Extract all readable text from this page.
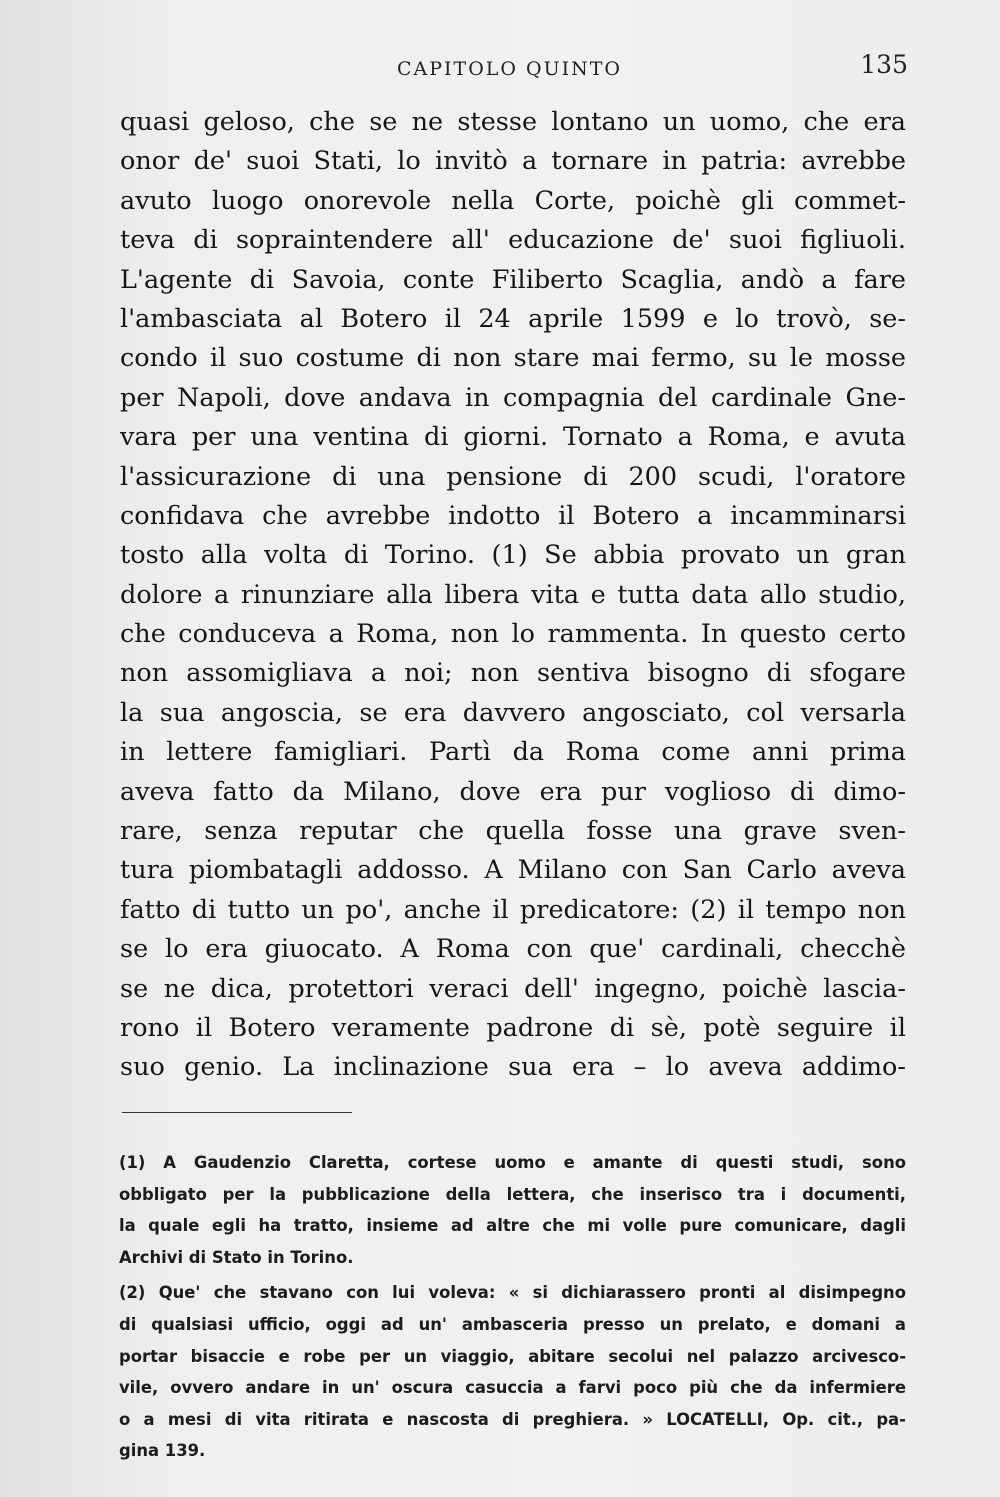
CAPITOLO QUINTO	135
quasi geloso, che se ne stesse lontano un uomo, che era
onor de' suoi Stati, lo invitò a tornare in patria: avrebbe
avuto luogo onorevole nella Corte, poichè gli commet-
teva di sopraintendere all' educazione de' suoi figliuoli.
L'agente di Savoia, conte Filiberto Scaglia, andò a fare
l'ambasciata al Botero il 24 aprile 1599 e lo trovò, se-
condo il suo costume di non stare mai fermo, su le mosse
per Napoli, dove andava in compagnia del cardinale Gne-
vara per una ventina di giorni. Tornato a Roma, e avuta
l'assicurazione di una pensione di 200 scudi, l'oratore
confidava che avrebbe indotto il Botero a incamminarsi
tosto alla volta di Torino. (1) Se abbia provato un gran
dolore a rinunziare alla libera vita e tutta data allo studio,
che conduceva a Roma, non lo rammenta. In questo certo
non assomigliava a noi; non sentiva bisogno di sfogare
la sua angoscia, se era davvero angosciato, col versarla
in lettere famigliari. Partì da Roma come anni prima
aveva fatto da Milano, dove era pur voglioso di dimo-
rare, senza reputar che quella fosse una grave sven-
tura piombatagli addosso. A Milano con San Carlo aveva
fatto di tutto un po', anche il predicatore: (2) il tempo non
se lo era giuocato. A Roma con que' cardinali, checchè
se ne dica, protettori veraci dell' ingegno, poichè lascia-
rono il Botero veramente padrone di sè, potè seguire il
suo genio. La inclinazione sua era – lo aveva addimo-
(1) A Gaudenzio Claretta, cortese uomo e amante di questi studi, sono
obbligato per la pubblicazione della lettera, che inserisco tra i documenti,
la quale egli ha tratto, insieme ad altre che mi volle pure comunicare, dagli
Archivi di Stato in Torino.
(2) Que' che stavano con lui voleva: « si dichiarassero pronti al disimpegno
di qualsiasi ufficio, oggi ad un' ambasceria presso un prelato, e domani a
portar bisaccie e robe per un viaggio, abitare secolui nel palazzo arcivesco-
vile, ovvero andare in un' oscura casuccia a farvi poco più che da infermiere
o a mesi di vita ritirata e nascosta di preghiera. » LOCATELLI, Op. cit., pa-
gina 139.
